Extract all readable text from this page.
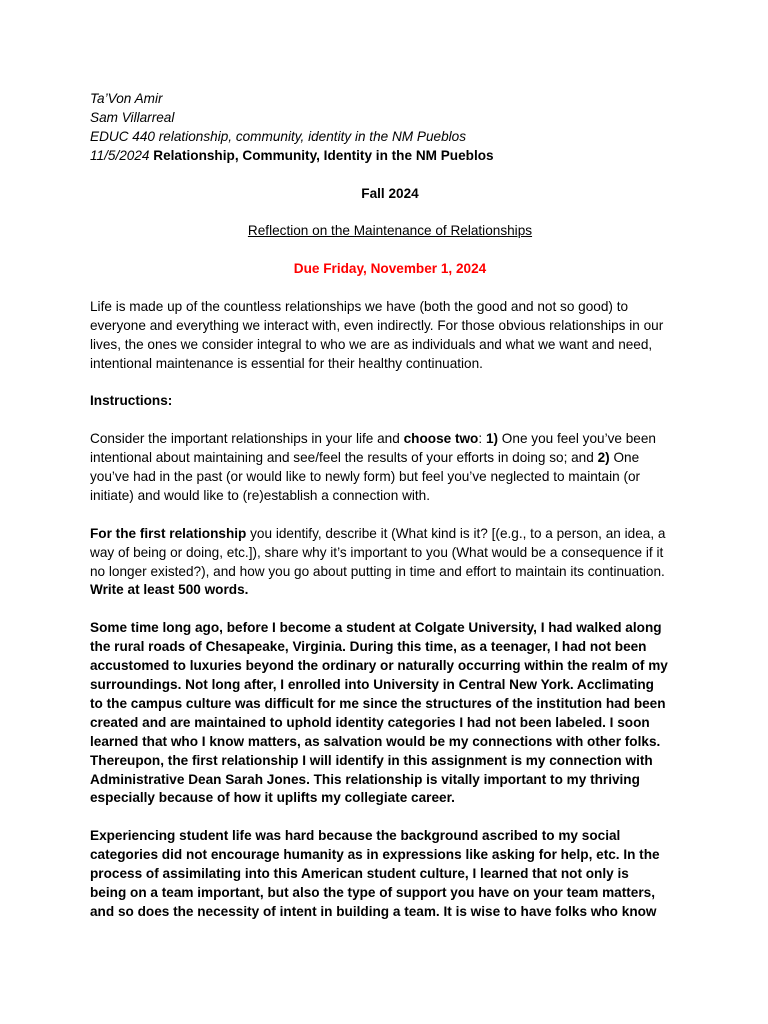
Ta’Von Amir
Sam Villarreal
EDUC 440 relationship, community, identity in the NM Pueblos
11/5/2024 Relationship, Community, Identity in the NM Pueblos
Fall 2024
Reflection on the Maintenance of Relationships
Due Friday, November 1, 2024
Life is made up of the countless relationships we have (both the good and not so good) to
everyone and everything we interact with, even indirectly. For those obvious relationships in our
lives, the ones we consider integral to who we are as individuals and what we want and need,
intentional maintenance is essential for their healthy continuation.
Instructions:
Consider the important relationships in your life and choose two: 1) One you feel you’ve been
intentional about maintaining and see/feel the results of your efforts in doing so; and 2) One
you’ve had in the past (or would like to newly form) but feel you’ve neglected to maintain (or
initiate) and would like to (re)establish a connection with.
For the first relationship you identify, describe it (What kind is it? [(e.g., to a person, an idea, a
way of being or doing, etc.]), share why it’s important to you (What would be a consequence if it
no longer existed?), and how you go about putting in time and effort to maintain its continuation.
Write at least 500 words.
Some time long ago, before I become a student at Colgate University, I had walked along
the rural roads of Chesapeake, Virginia. During this time, as a teenager, I had not been
accustomed to luxuries beyond the ordinary or naturally occurring within the realm of my
surroundings. Not long after, I enrolled into University in Central New York. Acclimating
to the campus culture was difficult for me since the structures of the institution had been
created and are maintained to uphold identity categories I had not been labeled. I soon
learned that who I know matters, as salvation would be my connections with other folks.
Thereupon, the first relationship I will identify in this assignment is my connection with
Administrative Dean Sarah Jones. This relationship is vitally important to my thriving
especially because of how it uplifts my collegiate career.
Experiencing student life was hard because the background ascribed to my social
categories did not encourage humanity as in expressions like asking for help, etc. In the
process of assimilating into this American student culture, I learned that not only is
being on a team important, but also the type of support you have on your team matters,
and so does the necessity of intent in building a team. It is wise to have folks who know
